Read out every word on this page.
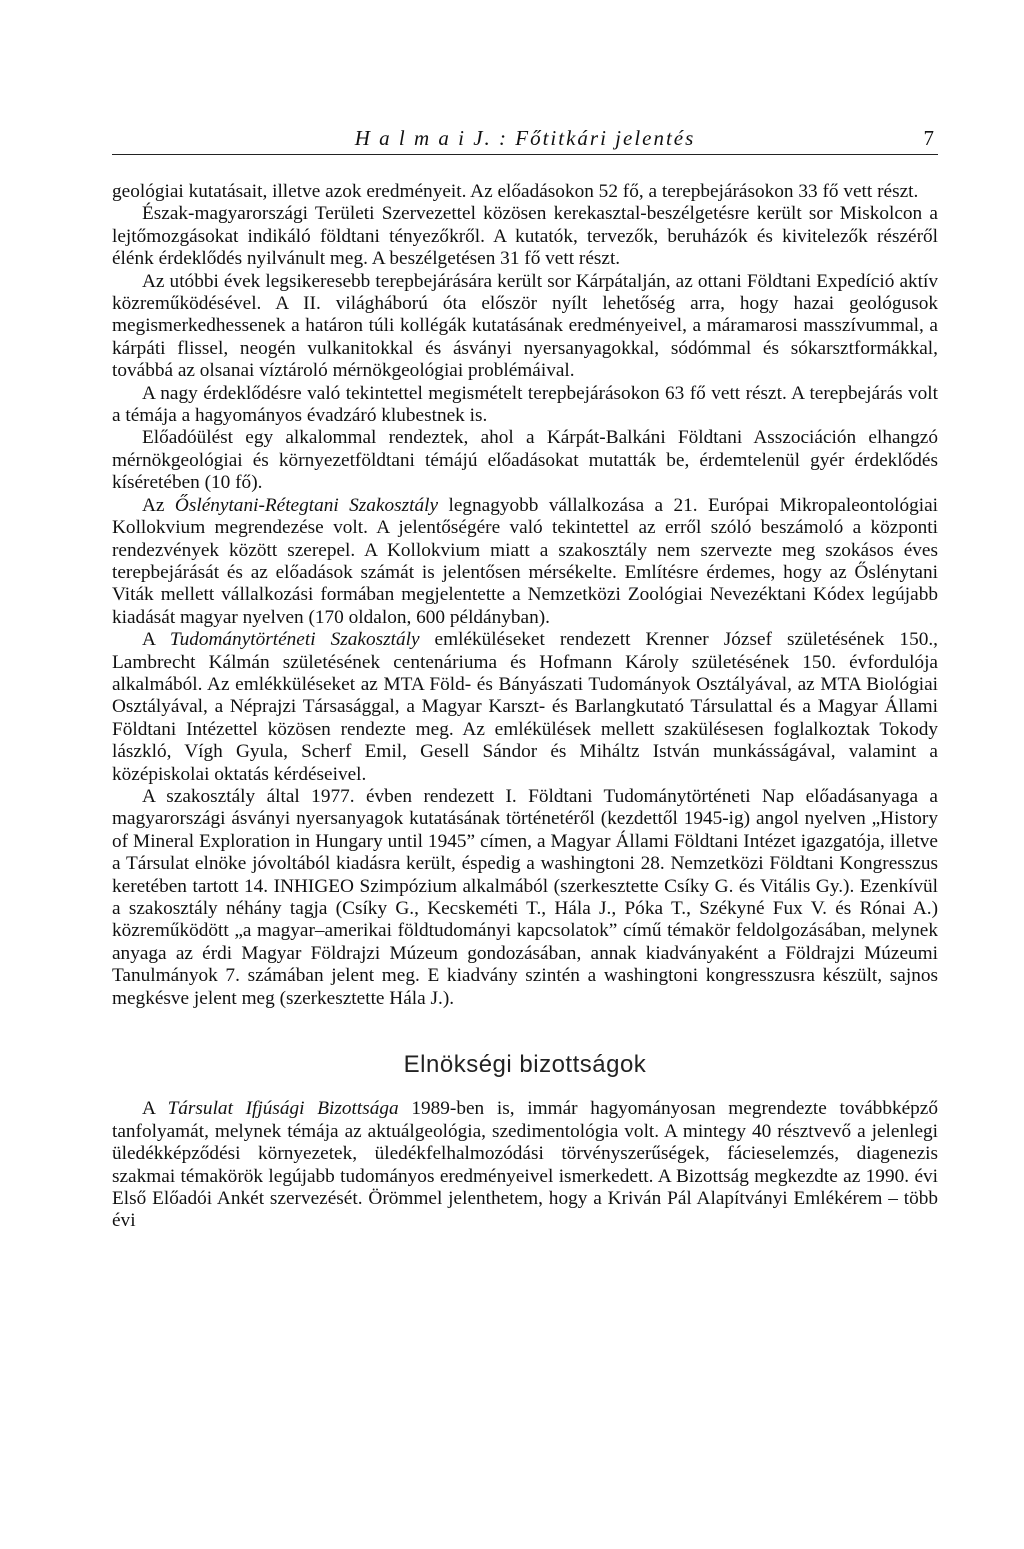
H a l m a i J. : Főtitkári jelentés	7

geológiai kutatásait, illetve azok eredményeit. Az előadásokon 52 fő, a terepbejárásokon 33 fő vett részt.

Észak-magyarországi Területi Szervezettel közösen kerekasztal-beszélgetésre került sor Miskolcon a lejtőmozgásokat indikáló földtani tényezőkről. A kutatók, tervezők, beruházók és kivitelezők részéről élénk érdeklődés nyilvánult meg. A beszélgetésen 31 fő vett részt.

Az utóbbi évek legsikeresebb terepbejárására került sor Kárpátalján, az ottani Földtani Expedíció aktív közreműködésével. A II. világháború óta először nyílt lehetőség arra, hogy hazai geológusok megismerkedhessenek a határon túli kollégák kutatásának eredményeivel, a máramarosi masszívummal, a kárpáti flissel, neogén vulkanitokkal és ásványi nyersanyagokkal, sódómmal és sókarsztformákkal, továbbá az olsanai víztároló mérnökgeológiai problémáival.

A nagy érdeklődésre való tekintettel megismételt terepbejárásokon 63 fő vett részt. A terepbejárás volt a témája a hagyományos évadzáró klubestnek is.

Előadóülést egy alkalommal rendeztek, ahol a Kárpát-Balkáni Földtani Asszociáción elhangzó mérnökgeológiai és környezetföldtani témájú előadásokat mutatták be, érdemtelenül gyér érdeklődés kíséretében (10 fő).

Az Őslénytani-Rétegtani Szakosztály legnagyobb vállalkozása a 21. Európai Mikropaleontológiai Kollokvium megrendezése volt. A jelentőségére való tekintettel az erről szóló beszámoló a központi rendezvények között szerepel. A Kollokvium miatt a szakosztály nem szervezte meg szokásos éves terepbejárását és az előadások számát is jelentősen mérsékelte. Említésre érdemes, hogy az Őslénytani Viták mellett vállalkozási formában megjelentette a Nemzetközi Zoológiai Nevezéktani Kódex legújabb kiadását magyar nyelven (170 oldalon, 600 példányban).

A Tudománytörténeti Szakosztály emléküléseket rendezett Krenner József születésének 150., Lambrecht Kálmán születésének centenáriuma és Hofmann Károly születésének 150. évfordulója alkalmából. Az emlékküléseket az MTA Föld- és Bányászati Tudományok Osztályával, az MTA Biológiai Osztályával, a Néprajzi Társasággal, a Magyar Karszt- és Barlangkutató Társulattal és a Magyar Állami Földtani Intézettel közösen rendezte meg. Az emlékülések mellett szakülésesen foglalkoztak Tokody lászkló, Vígh Gyula, Scherf Emil, Gesell Sándor és Miháltz István munkásságával, valamint a középiskolai oktatás kérdéseivel.

A szakosztály által 1977. évben rendezett I. Földtani Tudománytörténeti Nap előadásanyaga a magyarországi ásványi nyersanyagok kutatásának történetéről (kezdettől 1945-ig) angol nyelven „History of Mineral Exploration in Hungary until 1945” címen, a Magyar Állami Földtani Intézet igazgatója, illetve a Társulat elnöke jóvoltából kiadásra került, éspedig a washingtoni 28. Nemzetközi Földtani Kongresszus keretében tartott 14. INHIGEO Szimpózium alkalmából (szerkesztette Csíky G. és Vitális Gy.). Ezenkívül a szakosztály néhány tagja (Csíky G., Kecskeméti T., Hála J., Póka T., Székyné Fux V. és Rónai A.) közreműködött „a magyar–amerikai földtudományi kapcsolatok” című témakör feldolgozásában, melynek anyaga az érdi Magyar Földrajzi Múzeum gondozásában, annak kiadványaként a Földrajzi Múzeumi Tanulmányok 7. számában jelent meg. E kiadvány szintén a washingtoni kongresszusra készült, sajnos megkésve jelent meg (szerkesztette Hála J.).

Elnökségi bizottságok

A Társulat Ifjúsági Bizottsága 1989-ben is, immár hagyományosan megrendezte továbbképző tanfolyamát, melynek témája az aktuálgeológia, szedimentológia volt. A mintegy 40 résztvevő a jelenlegi üledékképződési környezetek, üledékfelhalmozódási törvényszerűségek, fácieselemzés, diagenezis szakmai témakörök legújabb tudományos eredményeivel ismerkedett. A Bizottság megkezdte az 1990. évi Első Előadói Ankét szervezését. Örömmel jelenthetem, hogy a Kriván Pál Alapítványi Emlékérem – több évi
